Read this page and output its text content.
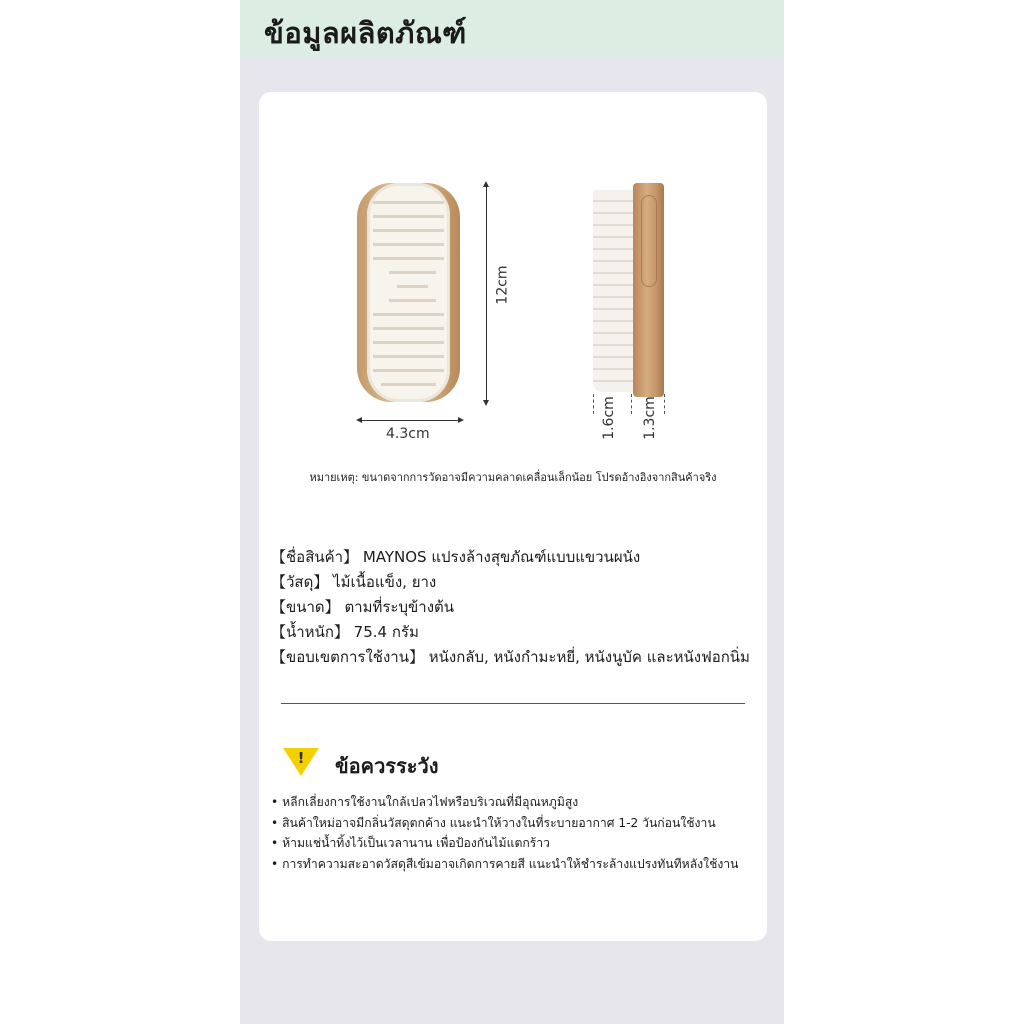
ข้อมูลผลิตภัณฑ์
12cm
4.3cm	1.6cm 1.3cm
หมายเหตุ: ขนาดจากการวัดอาจมีความคลาดเคลื่อนเล็กน้อย โปรดอ้างอิงจากสินค้าจริง
【ชื่อสินค้า】 MAYNOS แปรงล้างสุขภัณฑ์แบบแขวนผนัง
【วัสดุ】 ไม้เนื้อแข็ง, ยาง
【ขนาด】 ตามที่ระบุข้างต้น
【น้ำหนัก】 75.4 กรัม
【ขอบเขตการใช้งาน】 หนังกลับ, หนังกำมะหยี่, หนังนูบัค และหนังฟอกนิ่ม
! ข้อควรระวัง
• หลีกเลี่ยงการใช้งานใกล้เปลวไฟหรือบริเวณที่มีอุณหภูมิสูง
• สินค้าใหม่อาจมีกลิ่นวัสดุตกค้าง แนะนำให้วางในที่ระบายอากาศ 1-2 วันก่อนใช้งาน
• ห้ามแช่น้ำทิ้งไว้เป็นเวลานาน เพื่อป้องกันไม้แตกร้าว
• การทำความสะอาดวัสดุสีเข้มอาจเกิดการคายสี แนะนำให้ชำระล้างแปรงทันทีหลังใช้งาน
